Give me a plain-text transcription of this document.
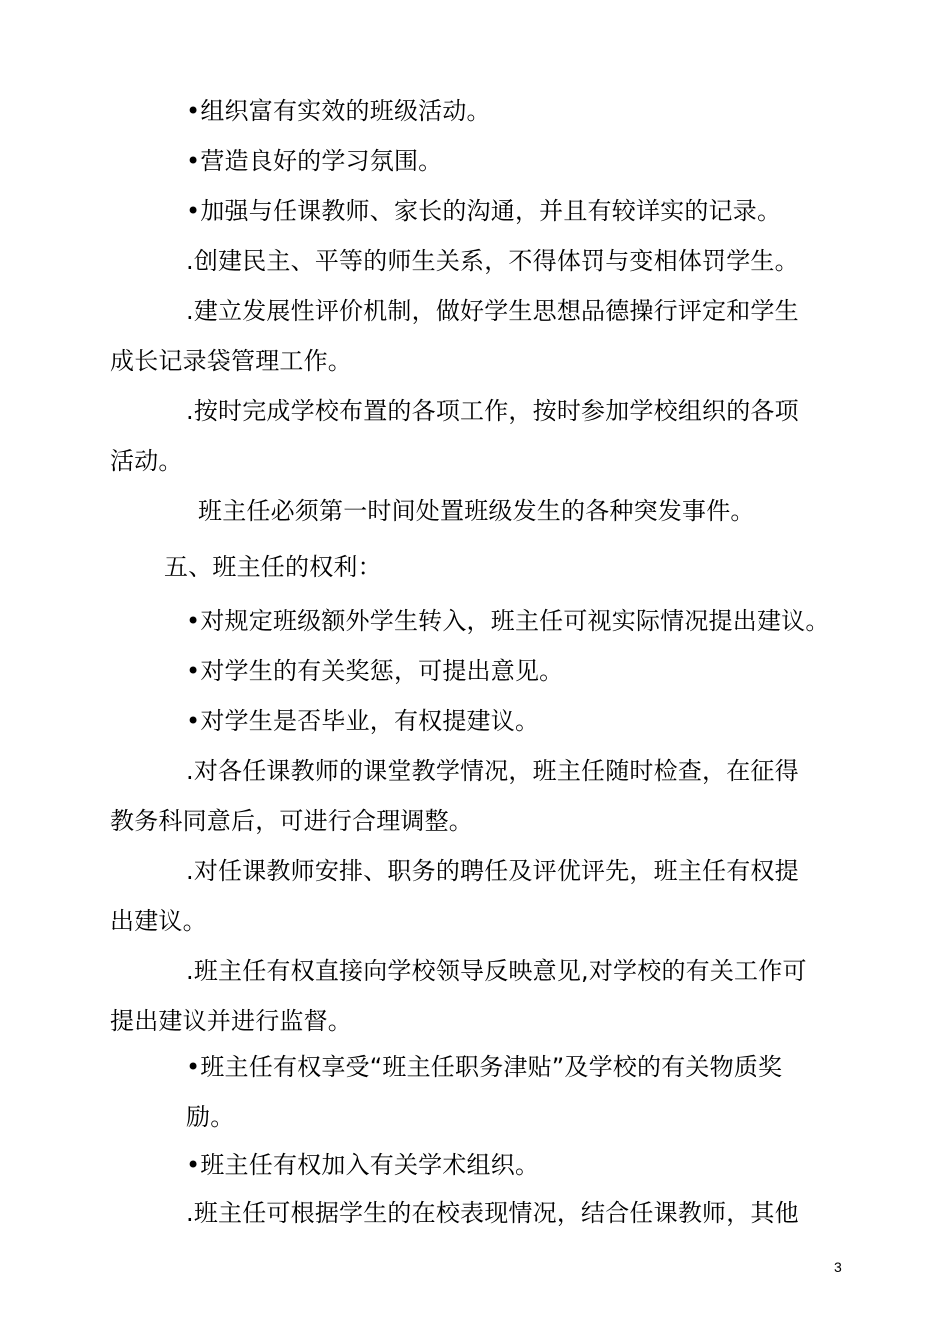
•组织富有实效的班级活动。
•营造良好的学习氛围。
•加强与任课教师、家长的沟通，并且有较详实的记录。
.创建民主、平等的师生关系，不得体罚与变相体罚学生。
.建立发展性评价机制，做好学生思想品德操行评定和学生
成长记录袋管理工作。
.按时完成学校布置的各项工作，按时参加学校组织的各项
活动。
班主任必须第一时间处置班级发生的各种突发事件。
五、班主任的权利：
•对规定班级额外学生转入，班主任可视实际情况提出建议。
•对学生的有关奖惩，可提出意见。
•对学生是否毕业，有权提建议。
.对各任课教师的课堂教学情况，班主任随时检查，在征得
教务科同意后，可进行合理调整。
.对任课教师安排、职务的聘任及评优评先，班主任有权提
出建议。
.班主任有权直接向学校领导反映意见,对学校的有关工作可
提出建议并进行监督。
•班主任有权享受“班主任职务津贴”及学校的有关物质奖
励。
•班主任有权加入有关学术组织。
.班主任可根据学生的在校表现情况，结合任课教师，其他
3
